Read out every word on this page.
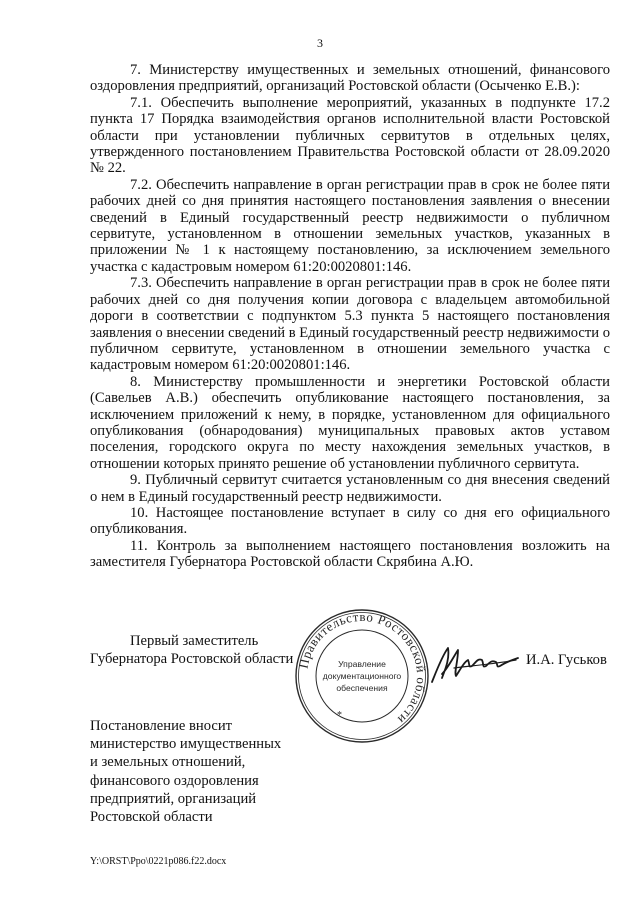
3

7. Министерству имущественных и земельных отношений, финансового оздоровления предприятий, организаций Ростовской области (Осыченко Е.В.):

7.1. Обеспечить выполнение мероприятий, указанных в подпункте 17.2 пункта 17 Порядка взаимодействия органов исполнительной власти Ростовской области при установлении публичных сервитутов в отдельных целях, утвержденного постановлением Правительства Ростовской области от 28.09.2020 № 22.

7.2. Обеспечить направление в орган регистрации прав в срок не более пяти рабочих дней со дня принятия настоящего постановления заявления о внесении сведений в Единый государственный реестр недвижимости о публичном сервитуте, установленном в отношении земельных участков, указанных в приложении № 1 к настоящему постановлению, за исключением земельного участка с кадастровым номером 61:20:0020801:146.

7.3. Обеспечить направление в орган регистрации прав в срок не более пяти рабочих дней со дня получения копии договора с владельцем автомобильной дороги в соответствии с подпунктом 5.3 пункта 5 настоящего постановления заявления о внесении сведений в Единый государственный реестр недвижимости о публичном сервитуте, установленном в отношении земельного участка с кадастровым номером 61:20:0020801:146.

8. Министерству промышленности и энергетики Ростовской области (Савельев А.В.) обеспечить опубликование настоящего постановления, за исключением приложений к нему, в порядке, установленном для официального опубликования (обнародования) муниципальных правовых актов уставом поселения, городского округа по месту нахождения земельных участков, в отношении которых принято решение об установлении публичного сервитута.

9. Публичный сервитут считается установленным со дня внесения сведений о нем в Единый государственный реестр недвижимости.

10. Настоящее постановление вступает в силу со дня его официального опубликования.

11. Контроль за выполнением настоящего постановления возложить на заместителя Губернатора Ростовской области Скрябина А.Ю.

Первый заместитель
Губернатора Ростовской области Правительство Ростовской области
*
Управление
документационного
обеспечения
И.А. Гуськов
Постановление вносит
министерство имущественных
и земельных отношений,
финансового оздоровления
предприятий, организаций
Ростовской области
Y:\ORST\Ppo\0221p086.f22.docx
